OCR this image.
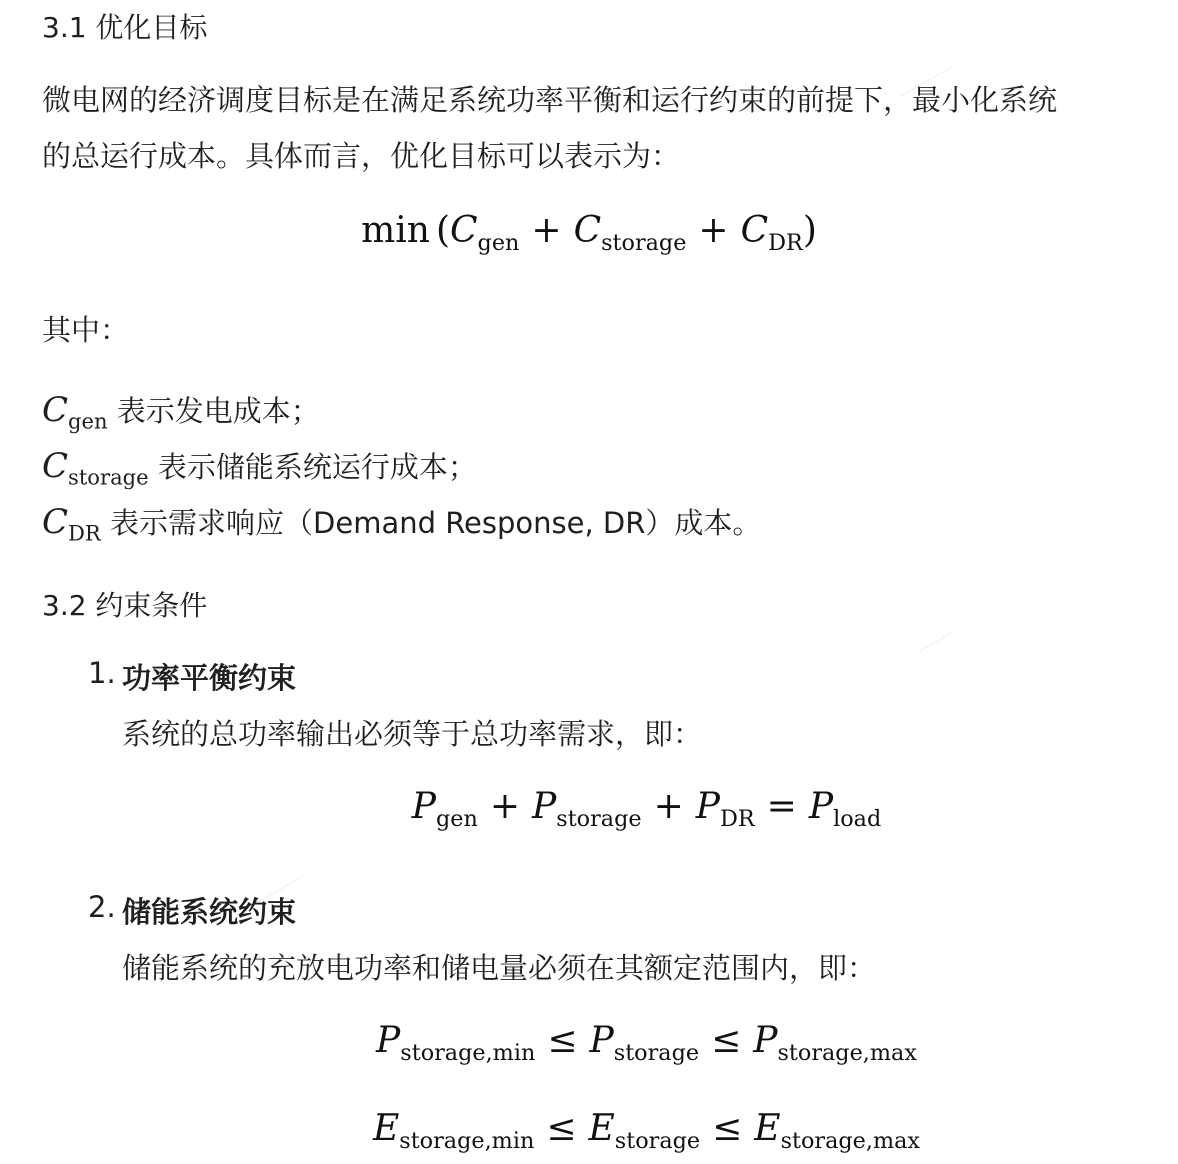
3.1 优化目标
微电网的经济调度目标是在满足系统功率平衡和运行约束的前提下，最小化系统
的总运行成本。具体而言，优化目标可以表示为：
$\min (C_{gen} + C_{storage} + C_{DR})$
其中：
$C_{gen}$ 表示发电成本；
$C_{storage}$ 表示储能系统运行成本；
$C_{DR}$ 表示需求响应（Demand Response, DR）成本。
3.2 约束条件
1. 功率平衡约束
系统的总功率输出必须等于总功率需求，即：
$P_{gen} + P_{storage} + P_{DR} = P_{load}$
2. 储能系统约束
储能系统的充放电功率和储电量必须在其额定范围内，即：
$P_{storage,min} \le P_{storage} \le P_{storage,max}$
$E_{storage,min} \le E_{storage} \le E_{storage,max}$
